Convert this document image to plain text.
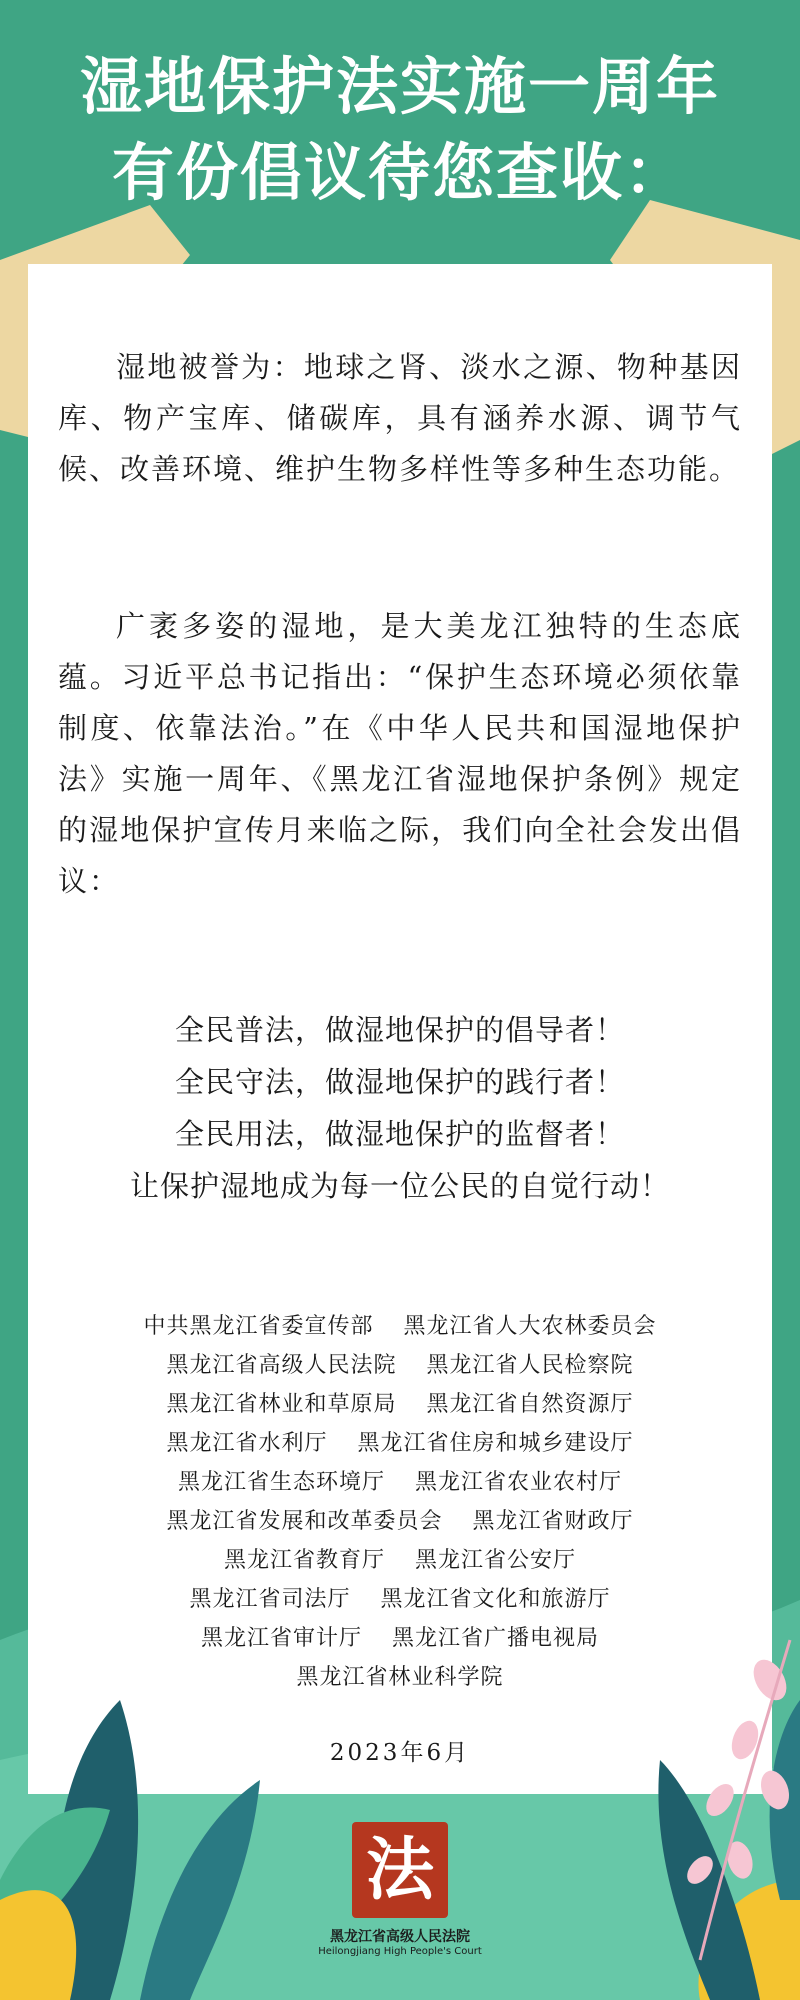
湿地保护法实施一周年
有份倡议待您查收：

湿地被誉为：地球之肾、淡水之源、物种基因库、物产宝库、储碳库，具有涵养水源、调节气候、改善环境、维护生物多样性等多种生态功能。

广袤多姿的湿地，是大美龙江独特的生态底蕴。习近平总书记指出：“保护生态环境必须依靠制度、依靠法治。”在《中华人民共和国湿地保护法》实施一周年、《黑龙江省湿地保护条例》规定的湿地保护宣传月来临之际，我们向全社会发出倡议：

全民普法，做湿地保护的倡导者！
全民守法，做湿地保护的践行者！
全民用法，做湿地保护的监督者！
让保护湿地成为每一位公民的自觉行动！
中共黑龙江省委宣传部 黑龙江省人大农林委员会
黑龙江省高级人民法院 黑龙江省人民检察院
黑龙江省林业和草原局 黑龙江省自然资源厅
黑龙江省水利厅 黑龙江省住房和城乡建设厅
黑龙江省生态环境厅 黑龙江省农业农村厅
黑龙江省发展和改革委员会 黑龙江省财政厅
黑龙江省教育厅 黑龙江省公安厅
黑龙江省司法厅 黑龙江省文化和旅游厅
黑龙江省审计厅 黑龙江省广播电视局
黑龙江省林业科学院
2023年6月
法
黑龙江省高级人民法院
Heilongjiang High People's Court
